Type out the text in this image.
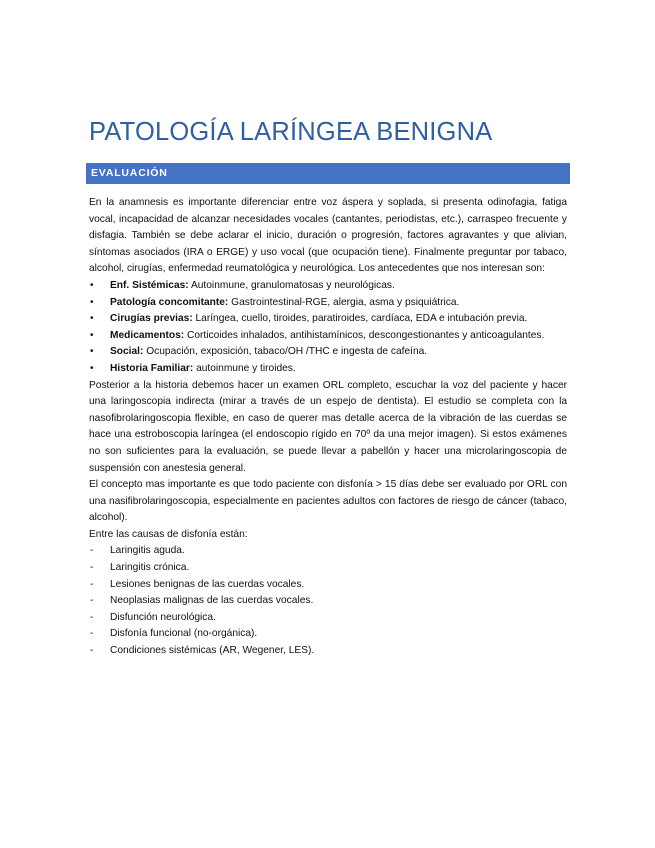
PATOLOGÍA LARÍNGEA BENIGNA
EVALUACIÓN

En la anamnesis es importante diferenciar entre voz áspera y soplada, si presenta odinofagia, fatiga vocal, incapacidad de alcanzar necesidades vocales (cantantes, periodistas, etc.), carraspeo frecuente y disfagia. También se debe aclarar el inicio, duración o progresión, factores agravantes y que alivian, síntomas asociados (IRA o ERGE) y uso vocal (que ocupación tiene). Finalmente preguntar por tabaco, alcohol, cirugías, enfermedad reumatológica y neurológica. Los antecedentes que nos interesan son:

• Enf. Sistémicas: Autoinmune, granulomatosas y neurológicas.
• Patología concomitante: Gastrointestinal-RGE, alergia, asma y psiquiátrica.
• Cirugías previas: Laríngea, cuello, tiroides, paratiroides, cardíaca, EDA e intubación previa.
• Medicamentos: Corticoides inhalados, antihistamínicos, descongestionantes y anticoagulantes.
• Social: Ocupación, exposición, tabaco/OH /THC e ingesta de cafeína.
• Historia Familiar: autoinmune y tiroides.

Posterior a la historia debemos hacer un examen ORL completo, escuchar la voz del paciente y hacer una laringoscopia indirecta (mirar a través de un espejo de dentista). El estudio se completa con la nasofibrolaringoscopia flexible, en caso de querer mas detalle acerca de la vibración de las cuerdas se hace una estroboscopia laríngea (el endoscopio rígido en 70º da una mejor imagen). Si estos exámenes no son suficientes para la evaluación, se puede llevar a pabellón y hacer una microlaringoscopia de suspensión con anestesia general.

El concepto mas importante es que todo paciente con disfonía > 15 días debe ser evaluado por ORL con una nasifibrolaringoscopia, especialmente en pacientes adultos con factores de riesgo de cáncer (tabaco, alcohol).

Entre las causas de disfonía están:

- Laringitis aguda.
- Laringitis crónica.
- Lesiones benignas de las cuerdas vocales.
- Neoplasias malignas de las cuerdas vocales.
- Disfunción neurológica.
- Disfonía funcional (no-orgánica).
- Condiciones sistémicas (AR, Wegener, LES).
